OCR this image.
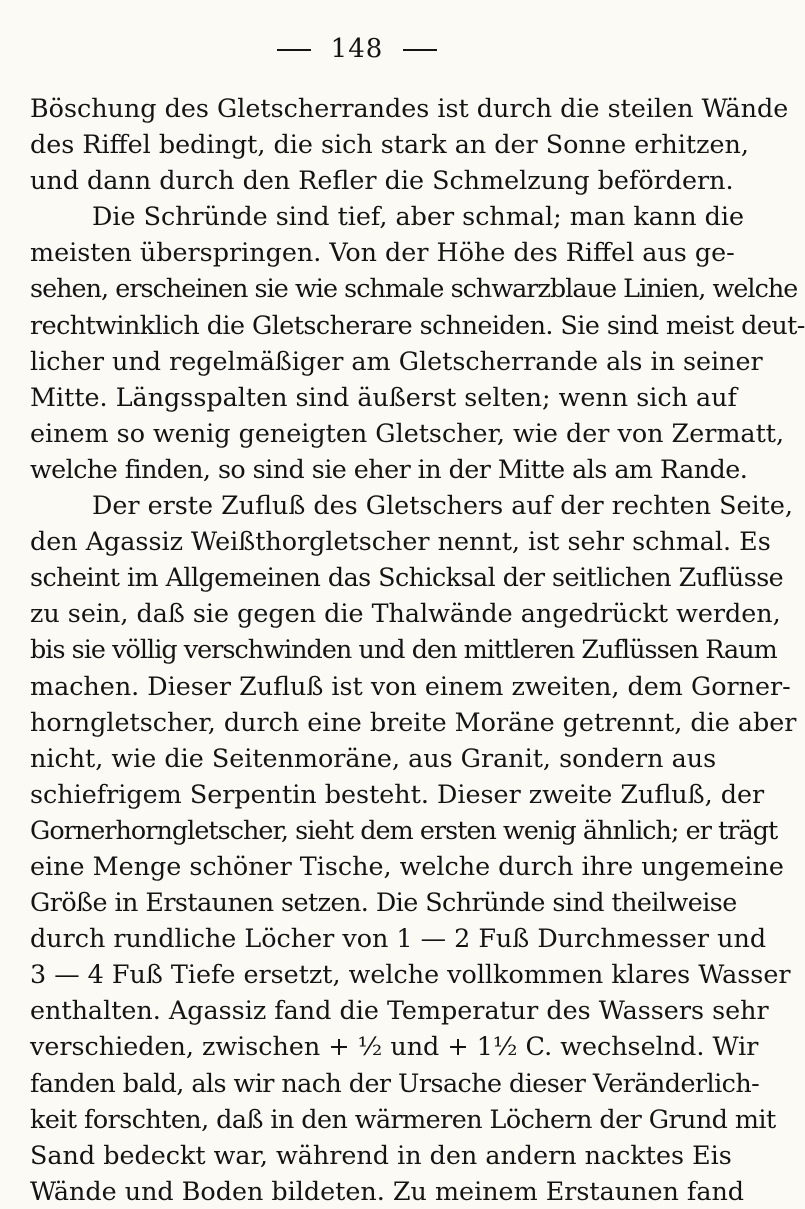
148
Böschung des Gletscherrandes ist durch die steilen Wände
des Riffel bedingt, die sich stark an der Sonne erhitzen,
und dann durch den Refler die Schmelzung befördern.
Die Schründe sind tief, aber schmal; man kann die
meisten überspringen. Von der Höhe des Riffel aus ge-
sehen, erscheinen sie wie schmale schwarzblaue Linien, welche
rechtwinklich die Gletscherare schneiden. Sie sind meist deut-
licher und regelmäßiger am Gletscherrande als in seiner
Mitte. Längsspalten sind äußerst selten; wenn sich auf
einem so wenig geneigten Gletscher, wie der von Zermatt,
welche finden, so sind sie eher in der Mitte als am Rande.
Der erste Zufluß des Gletschers auf der rechten Seite,
den Agassiz Weißthorgletscher nennt, ist sehr schmal. Es
scheint im Allgemeinen das Schicksal der seitlichen Zuflüsse
zu sein, daß sie gegen die Thalwände angedrückt werden,
bis sie völlig verschwinden und den mittleren Zuflüssen Raum
machen. Dieser Zufluß ist von einem zweiten, dem Gorner-
horngletscher, durch eine breite Moräne getrennt, die aber
nicht, wie die Seitenmoräne, aus Granit, sondern aus
schiefrigem Serpentin besteht. Dieser zweite Zufluß, der
Gornerhorngletscher, sieht dem ersten wenig ähnlich; er trägt
eine Menge schöner Tische, welche durch ihre ungemeine
Größe in Erstaunen setzen. Die Schründe sind theilweise
durch rundliche Löcher von 1 — 2 Fuß Durchmesser und
3 — 4 Fuß Tiefe ersetzt, welche vollkommen klares Wasser
enthalten. Agassiz fand die Temperatur des Wassers sehr
verschieden, zwischen + ½ und + 1½ C. wechselnd. Wir
fanden bald, als wir nach der Ursache dieser Veränderlich-
keit forschten, daß in den wärmeren Löchern der Grund mit
Sand bedeckt war, während in den andern nacktes Eis
Wände und Boden bildeten. Zu meinem Erstaunen fand
